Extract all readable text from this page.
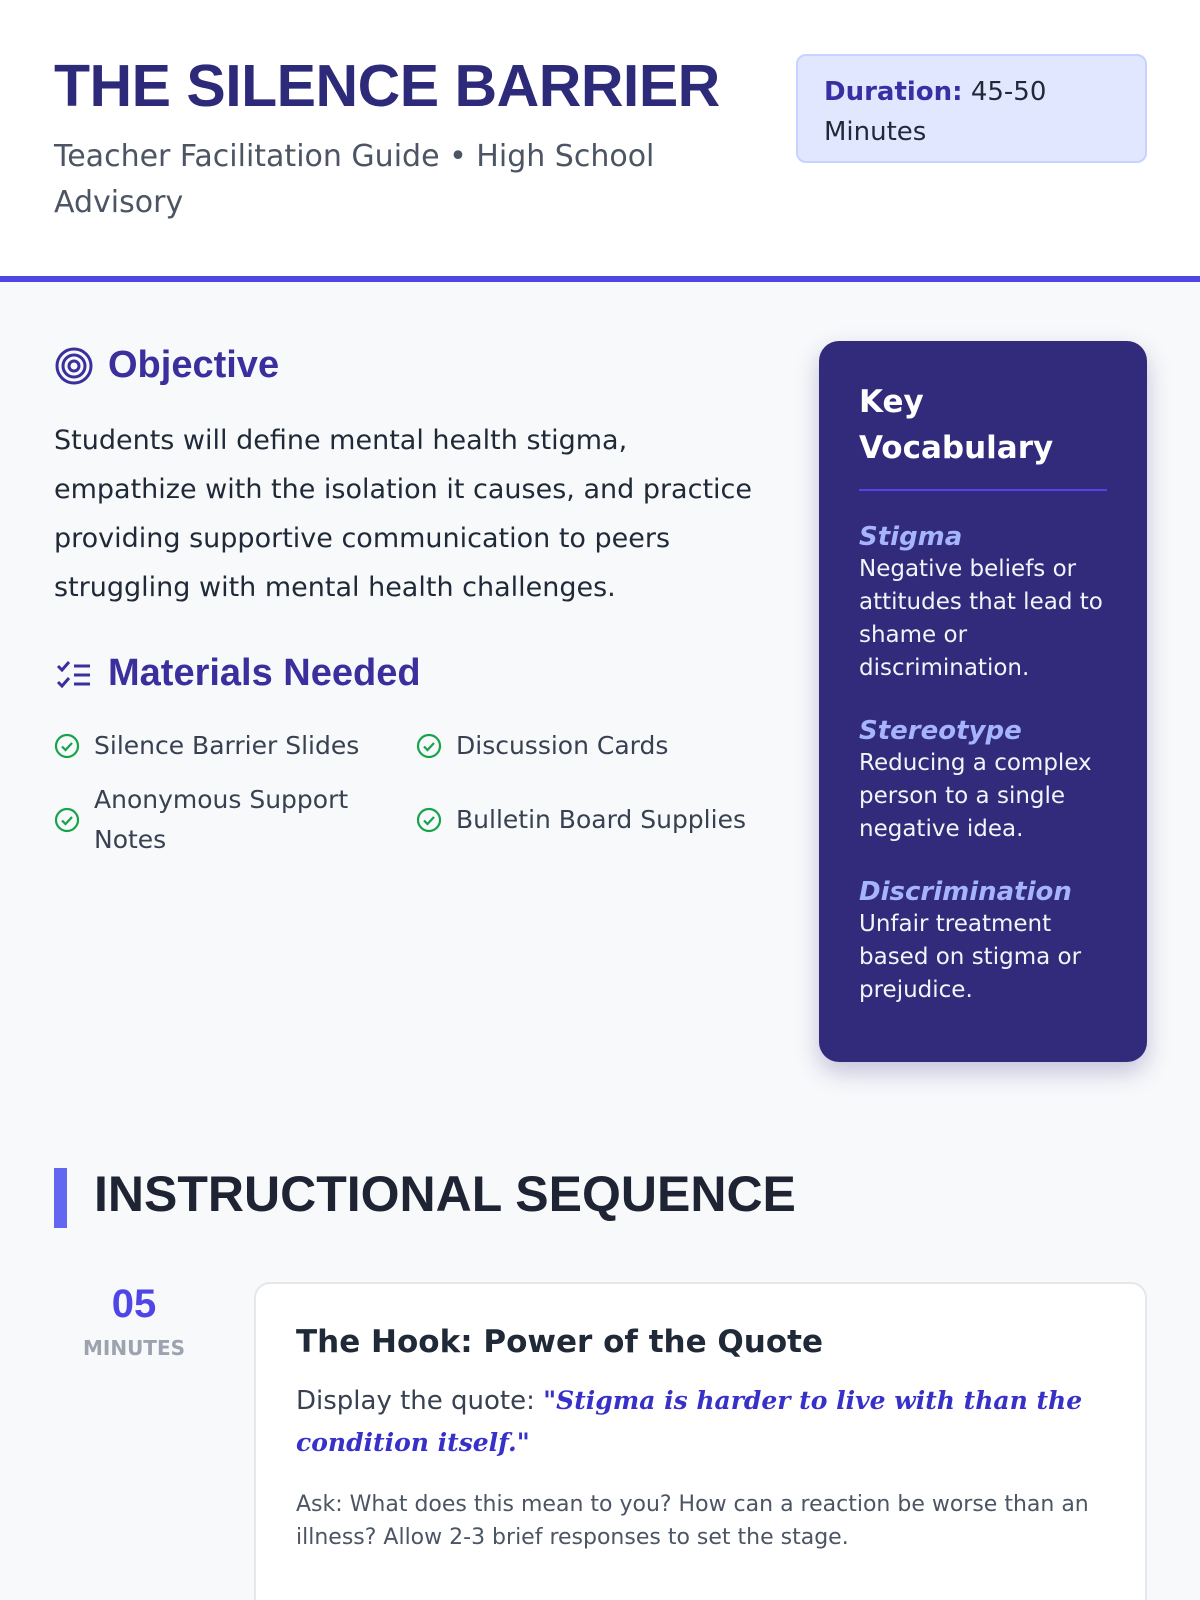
THE SILENCE BARRIER
Teacher Facilitation Guide • High School Advisory
Duration: 45-50 Minutes
Objective

Students will define mental health stigma, empathize with the isolation it causes, and practice providing supportive communication to peers struggling with mental health challenges.

Materials Needed
Silence Barrier Slides	Discussion Cards
Anonymous Support Notes
Bulletin Board Supplies
Key Vocabulary
Stigma
Negative beliefs or attitudes that lead to shame or discrimination.
Stereotype
Reducing a complex person to a single negative idea.
Discrimination
Unfair treatment based on stigma or prejudice.
INSTRUCTIONAL SEQUENCE
05
MINUTES	The Hook: Power of the Quote

Display the quote: "Stigma is harder to live with than the condition itself."

Ask: What does this mean to you? How can a reaction be worse than an illness? Allow 2-3 brief responses to set the stage.
